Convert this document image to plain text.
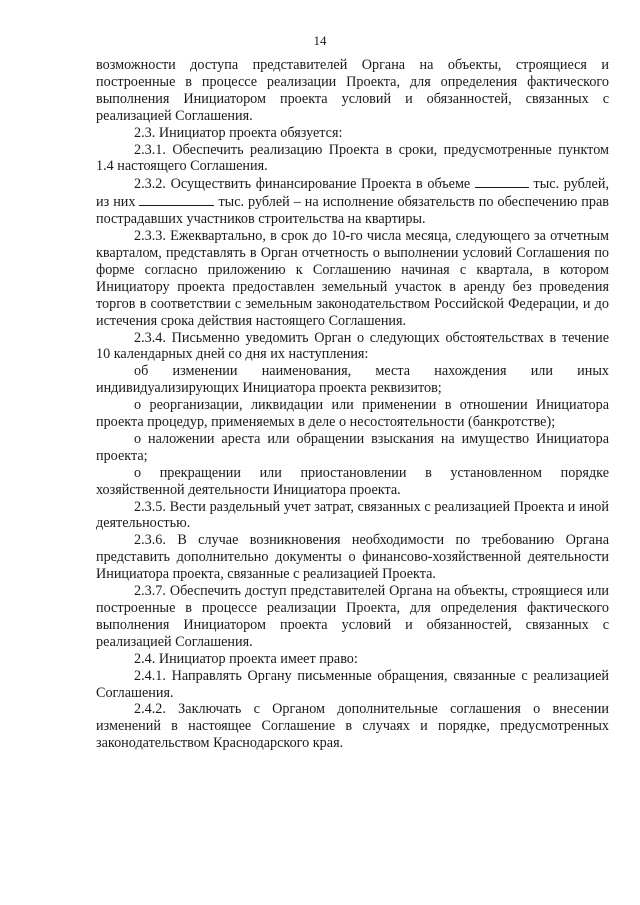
14

возможности доступа представителей Органа на объекты, строящиеся и построенные в процессе реализации Проекта, для определения фактического выполнения Инициатором проекта условий и обязанностей, связанных с реализацией Соглашения.

2.3. Инициатор проекта обязуется:

2.3.1. Обеспечить реализацию Проекта в сроки, предусмотренные пунктом 1.4 настоящего Соглашения.

2.3.2. Осуществить финансирование Проекта в объеме	тыс. рублей, из них	тыс. рублей – на исполнение обязательств по обеспечению прав пострадавших участников строительства на квартиры.

2.3.3. Ежеквартально, в срок до 10-го числа месяца, следующего за отчетным кварталом, представлять в Орган отчетность о выполнении условий Соглашения по форме согласно приложению к Соглашению начиная с квартала, в котором Инициатору проекта предоставлен земельный участок в аренду без проведения торгов в соответствии с земельным законодательством Российской Федерации, и до истечения срока действия настоящего Соглашения.

2.3.4. Письменно уведомить Орган о следующих обстоятельствах в течение 10 календарных дней со дня их наступления:

об изменении наименования, места нахождения или иных индивидуализирующих Инициатора проекта реквизитов;

о реорганизации, ликвидации или применении в отношении Инициатора проекта процедур, применяемых в деле о несостоятельности (банкротстве);

о наложении ареста или обращении взыскания на имущество Инициатора проекта;

о прекращении или приостановлении в установленном порядке хозяйственной деятельности Инициатора проекта.

2.3.5. Вести раздельный учет затрат, связанных с реализацией Проекта и иной деятельностью.

2.3.6. В случае возникновения необходимости по требованию Органа представить дополнительно документы о финансово-хозяйственной деятельности Инициатора проекта, связанные с реализацией Проекта.

2.3.7. Обеспечить доступ представителей Органа на объекты, строящиеся или построенные в процессе реализации Проекта, для определения фактического выполнения Инициатором проекта условий и обязанностей, связанных с реализацией Соглашения.

2.4. Инициатор проекта имеет право:

2.4.1. Направлять Органу письменные обращения, связанные с реализацией Соглашения.

2.4.2. Заключать с Органом дополнительные соглашения о внесении изменений в настоящее Соглашение в случаях и порядке, предусмотренных законодательством Краснодарского края.
